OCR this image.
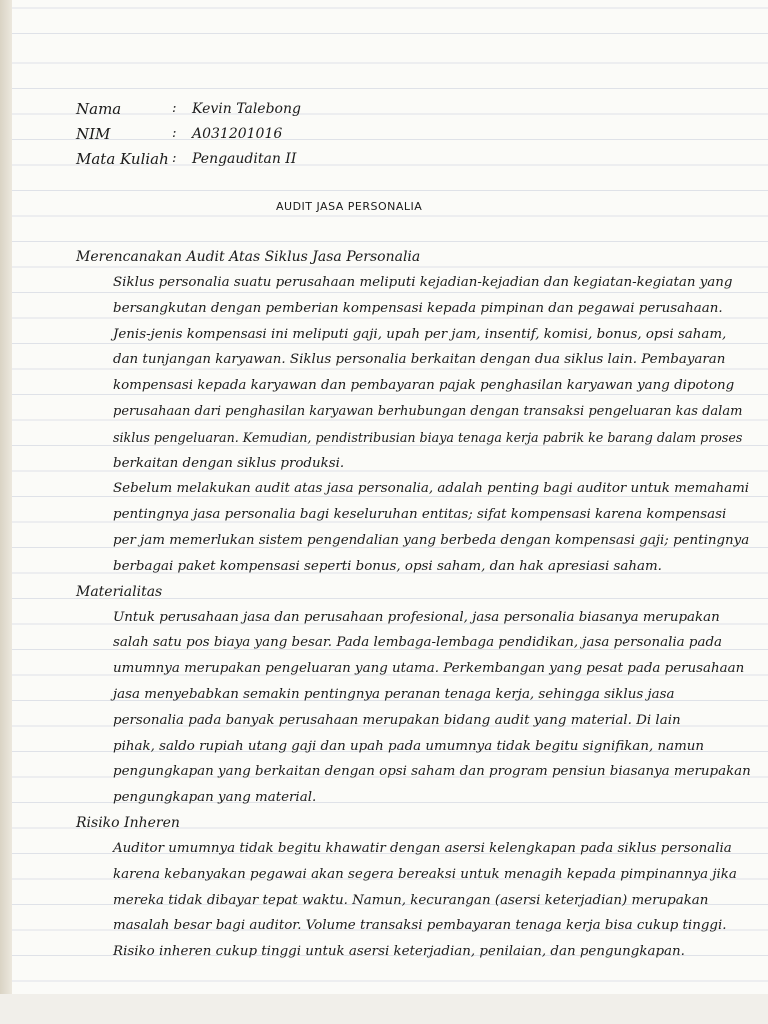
Nama	:	Kevin Talebong
NIM	:	A031201016
Mata Kuliah :	Pengauditan II
AUDIT JASA PERSONALIA
Merencanakan Audit Atas Siklus Jasa Personalia
Siklus personalia suatu perusahaan meliputi kejadian-kejadian dan kegiatan-kegiatan yang
bersangkutan dengan pemberian kompensasi kepada pimpinan dan pegawai perusahaan.
Jenis-jenis kompensasi ini meliputi gaji, upah per jam, insentif, komisi, bonus, opsi saham,
dan tunjangan karyawan. Siklus personalia berkaitan dengan dua siklus lain. Pembayaran
kompensasi kepada karyawan dan pembayaran pajak penghasilan karyawan yang dipotong
perusahaan dari penghasilan karyawan berhubungan dengan transaksi pengeluaran kas dalam
siklus pengeluaran. Kemudian, pendistribusian biaya tenaga kerja pabrik ke barang dalam proses
berkaitan dengan siklus produksi.
Sebelum melakukan audit atas jasa personalia, adalah penting bagi auditor untuk memahami
pentingnya jasa personalia bagi keseluruhan entitas; sifat kompensasi karena kompensasi
per jam memerlukan sistem pengendalian yang berbeda dengan kompensasi gaji; pentingnya
berbagai paket kompensasi seperti bonus, opsi saham, dan hak apresiasi saham.
Materialitas
Untuk perusahaan jasa dan perusahaan profesional, jasa personalia biasanya merupakan
salah satu pos biaya yang besar. Pada lembaga-lembaga pendidikan, jasa personalia pada
umumnya merupakan pengeluaran yang utama. Perkembangan yang pesat pada perusahaan
jasa menyebabkan semakin pentingnya peranan tenaga kerja, sehingga siklus jasa
personalia pada banyak perusahaan merupakan bidang audit yang material. Di lain
pihak, saldo rupiah utang gaji dan upah pada umumnya tidak begitu signifikan, namun
pengungkapan yang berkaitan dengan opsi saham dan program pensiun biasanya merupakan
pengungkapan yang material.
Risiko Inheren
Auditor umumnya tidak begitu khawatir dengan asersi kelengkapan pada siklus personalia
karena kebanyakan pegawai akan segera bereaksi untuk menagih kepada pimpinannya jika
mereka tidak dibayar tepat waktu. Namun, kecurangan (asersi keterjadian) merupakan
masalah besar bagi auditor. Volume transaksi pembayaran tenaga kerja bisa cukup tinggi.
Risiko inheren cukup tinggi untuk asersi keterjadian, penilaian, dan pengungkapan.
